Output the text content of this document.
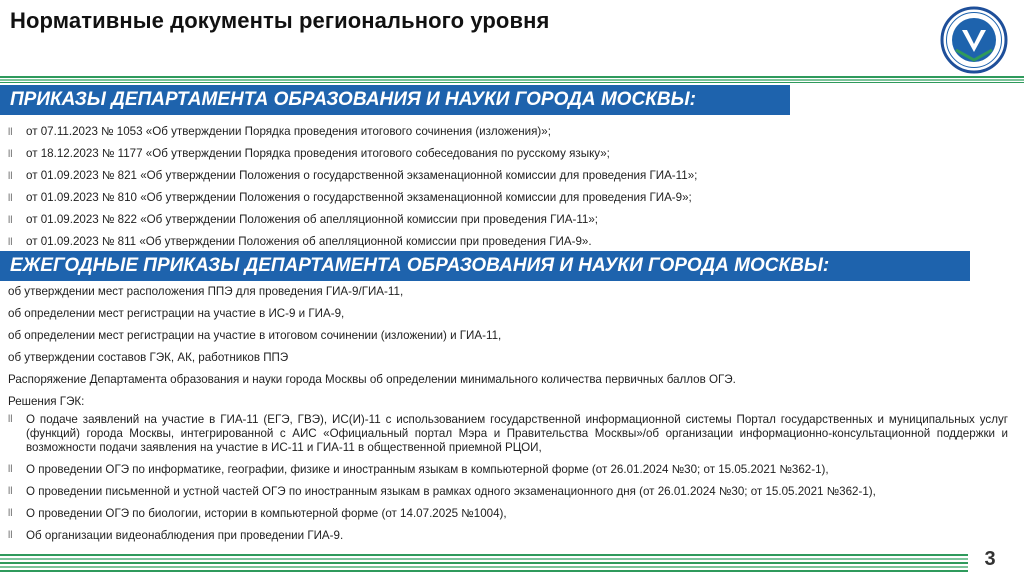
Нормативные документы регионального уровня
ПРИКАЗЫ ДЕПАРТАМЕНТА ОБРАЗОВАНИЯ И НАУКИ ГОРОДА МОСКВЫ:
ll от 07.11.2023 № 1053 «Об утверждении Порядка проведения итогового сочинения (изложения)»;
ll от 18.12.2023 № 1177 «Об утверждении Порядка проведения итогового собеседования по русскому языку»;
ll от 01.09.2023 № 821 «Об утверждении Положения о государственной экзаменационной комиссии для проведения ГИА-11»;
ll от 01.09.2023 № 810 «Об утверждении Положения о государственной экзаменационной комиссии для проведения ГИА-9»;
ll от 01.09.2023 № 822 «Об утверждении Положения об апелляционной комиссии при проведения ГИА-11»;
ll от 01.09.2023 № 811 «Об утверждении Положения об апелляционной комиссии при проведения ГИА-9».
ЕЖЕГОДНЫЕ ПРИКАЗЫ ДЕПАРТАМЕНТА ОБРАЗОВАНИЯ И НАУКИ ГОРОДА МОСКВЫ:
об утверждении мест расположения ППЭ для проведения ГИА-9/ГИА-11,
об определении мест регистрации на участие в ИС-9 и ГИА-9,
об определении мест регистрации на участие в итоговом сочинении (изложении) и ГИА-11,
об утверждении составов ГЭК, АК, работников ППЭ
Распоряжение Департамента образования и науки города Москвы об определении минимального количества первичных баллов ОГЭ.
Решения ГЭК:
ll	О подаче заявлений на участие в ГИА-11 (ЕГЭ, ГВЭ), ИС(И)-11 с использованием государственной информационной системы Портал государственных и муниципальных услуг (функций) города Москвы, интегрированной с АИС «Официальный портал Мэра и Правительства Москвы»/об организации информационно-консультационной поддержки и возможности подачи заявления на участие в ИС-11 и ГИА-11 в общественной приемной РЦОИ,
ll	О проведении ОГЭ по информатике, географии, физике и иностранным языкам в компьютерной форме (от 26.01.2024 №30; от 15.05.2021 №362-1),
ll	О проведении письменной и устной частей ОГЭ по иностранным языкам в рамках одного экзаменационного дня (от 26.01.2024 №30; от 15.05.2021 №362-1),
ll	О проведении ОГЭ по биологии, истории в компьютерной форме (от 14.07.2025 №1004),
ll	Об организации видеонаблюдения при проведении ГИА-9.
3
